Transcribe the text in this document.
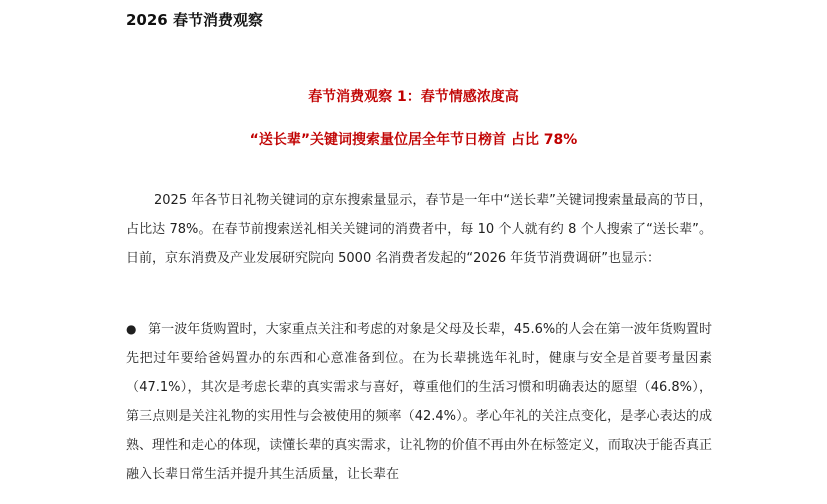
2026 春节消费观察
春节消费观察 1：春节情感浓度高
“送长辈”关键词搜索量位居全年节日榜首 占比 78%
2025 年各节日礼物关键词的京东搜索量显示，春节是一年中“送长辈”关键词搜索量最高的节日，占比达 78%。在春节前搜索送礼相关关键词的消费者中，每 10 个人就有约 8 个人搜索了“送长辈”。日前，京东消费及产业发展研究院向 5000 名消费者发起的“2026 年货节消费调研”也显示：
● 第一波年货购置时，大家重点关注和考虑的对象是父母及长辈，45.6%的人会在第一波年货购置时先把过年要给爸妈置办的东西和心意准备到位。在为长辈挑选年礼时，健康与安全是首要考量因素（47.1%），其次是考虑长辈的真实需求与喜好，尊重他们的生活习惯和明确表达的愿望（46.8%），第三点则是关注礼物的实用性与会被使用的频率（42.4%）。孝心年礼的关注点变化，是孝心表达的成熟、理性和走心的体现，读懂长辈的真实需求，让礼物的价值不再由外在标签定义，而取决于能否真正融入长辈日常生活并提升其生活质量，让长辈在
